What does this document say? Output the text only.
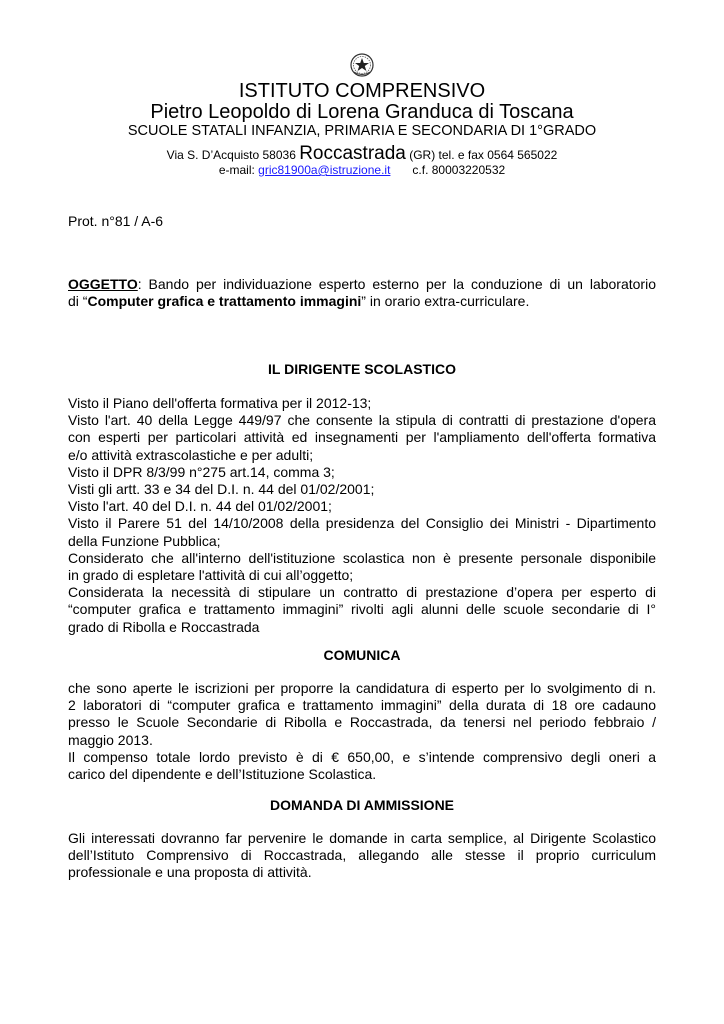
ISTITUTO COMPRENSIVO
Pietro Leopoldo di Lorena Granduca di Toscana
SCUOLE STATALI INFANZIA, PRIMARIA E SECONDARIA DI 1°GRADO
Via S. D’Acquisto 58036 Roccastrada (GR) tel. e fax 0564 565022
e-mail: gric81900a@istruzione.it c.f. 80003220532
Prot. n°81 / A-6
OGGETTO: Bando per individuazione esperto esterno per la conduzione di un laboratorio
di “Computer grafica e trattamento immagini” in orario extra-curriculare.
IL DIRIGENTE SCOLASTICO
Visto il Piano dell'offerta formativa per il 2012-13;
Visto l'art. 40 della Legge 449/97 che consente la stipula di contratti di prestazione d'opera
con esperti per particolari attività ed insegnamenti per l'ampliamento dell'offerta formativa
e/o attività extrascolastiche e per adulti;
Visto il DPR 8/3/99 n°275 art.14, comma 3;
Visti gli artt. 33 e 34 del D.I. n. 44 del 01/02/2001;
Visto l'art. 40 del D.I. n. 44 del 01/02/2001;
Visto il Parere 51 del 14/10/2008 della presidenza del Consiglio dei Ministri - Dipartimento
della Funzione Pubblica;
Considerato che all'interno dell'istituzione scolastica non è presente personale disponibile
in grado di espletare l'attività di cui all’oggetto;
Considerata la necessità di stipulare un contratto di prestazione d’opera per esperto di
“computer grafica e trattamento immagini” rivolti agli alunni delle scuole secondarie di I°
grado di Ribolla e Roccastrada
COMUNICA
che sono aperte le iscrizioni per proporre la candidatura di esperto per lo svolgimento di n.
2 laboratori di “computer grafica e trattamento immagini” della durata di 18 ore cadauno
presso le Scuole Secondarie di Ribolla e Roccastrada, da tenersi nel periodo febbraio /
maggio 2013.
Il compenso totale lordo previsto è di € 650,00, e s’intende comprensivo degli oneri a
carico del dipendente e dell’Istituzione Scolastica.
DOMANDA DI AMMISSIONE
Gli interessati dovranno far pervenire le domande in carta semplice, al Dirigente Scolastico
dell’Istituto Comprensivo di Roccastrada, allegando alle stesse il proprio curriculum
professionale e una proposta di attività.
